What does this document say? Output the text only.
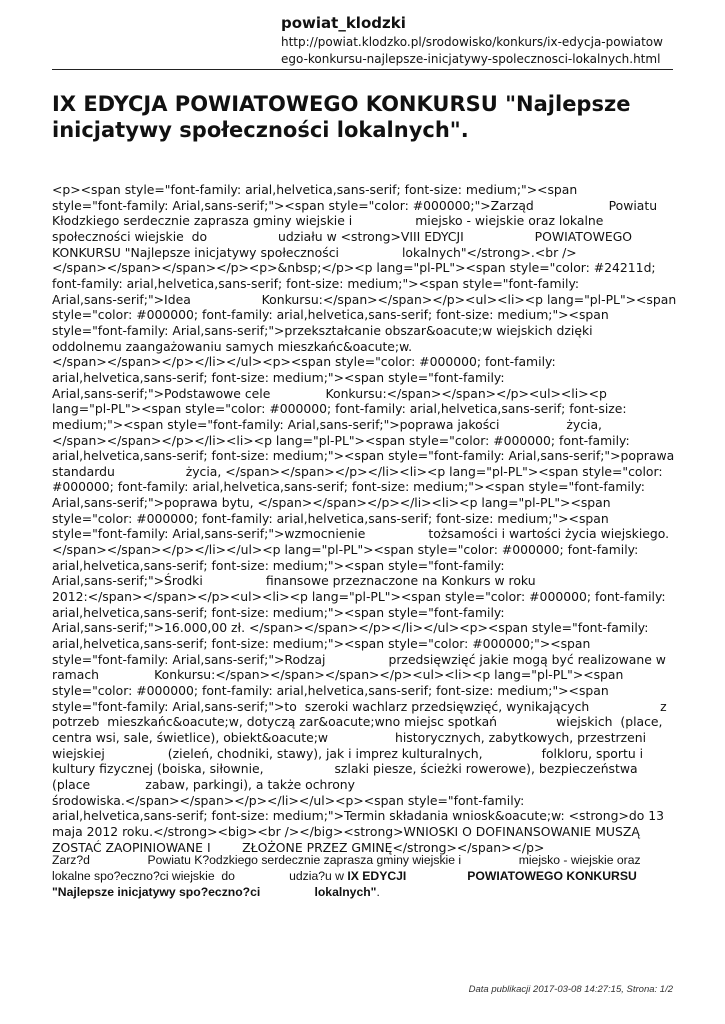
powiat_klodzki
http://powiat.klodzko.pl/srodowisko/konkurs/ix-edycja-powiatow
ego-konkursu-najlepsze-inicjatywy-spolecznosci-lokalnych.html
IX EDYCJA POWIATOWEGO KONKURSU "Najlepsze
inicjatywy społeczności lokalnych".
<p><span style="font-family: arial,helvetica,sans-serif; font-size: medium;"><span
style="font-family: Arial,sans-serif;"><span style="color: #000000;">Zarząd                   Powiatu
Kłodzkiego serdecznie zaprasza gminy wiejskie i                miejsko - wiejskie oraz lokalne
społeczności wiejskie  do                  udziału w <strong>VIII EDYCJI                  POWIATOWEGO
KONKURSU "Najlepsze inicjatywy społeczności                lokalnych"</strong>.<br />
</span></span></span></p><p>&nbsp;</p><p lang="pl-PL"><span style="color: #24211d;
font-family: arial,helvetica,sans-serif; font-size: medium;"><span style="font-family:
Arial,sans-serif;">Idea                  Konkursu:</span></span></p><ul><li><p lang="pl-PL"><span
style="color: #000000; font-family: arial,helvetica,sans-serif; font-size: medium;"><span
style="font-family: Arial,sans-serif;">przekształcanie obszar&oacute;w wiejskich dzięki
oddolnemu zaangażowaniu samych mieszkańc&oacute;w.
</span></span></p></li></ul><p><span style="color: #000000; font-family:
arial,helvetica,sans-serif; font-size: medium;"><span style="font-family:
Arial,sans-serif;">Podstawowe cele              Konkursu:</span></span></p><ul><li><p
lang="pl-PL"><span style="color: #000000; font-family: arial,helvetica,sans-serif; font-size:
medium;"><span style="font-family: Arial,sans-serif;">poprawa jakości                 życia,
</span></span></p></li><li><p lang="pl-PL"><span style="color: #000000; font-family:
arial,helvetica,sans-serif; font-size: medium;"><span style="font-family: Arial,sans-serif;">poprawa
standardu                  życia, </span></span></p></li><li><p lang="pl-PL"><span style="color:
#000000; font-family: arial,helvetica,sans-serif; font-size: medium;"><span style="font-family:
Arial,sans-serif;">poprawa bytu, </span></span></p></li><li><p lang="pl-PL"><span
style="color: #000000; font-family: arial,helvetica,sans-serif; font-size: medium;"><span
style="font-family: Arial,sans-serif;">wzmocnienie                tożsamości i wartości życia wiejskiego.
</span></span></p></li></ul><p lang="pl-PL"><span style="color: #000000; font-family:
arial,helvetica,sans-serif; font-size: medium;"><span style="font-family:
Arial,sans-serif;">Środki                finansowe przeznaczone na Konkurs w roku
2012:</span></span></p><ul><li><p lang="pl-PL"><span style="color: #000000; font-family:
arial,helvetica,sans-serif; font-size: medium;"><span style="font-family:
Arial,sans-serif;">16.000,00 zł. </span></span></p></li></ul><p><span style="font-family:
arial,helvetica,sans-serif; font-size: medium;"><span style="color: #000000;"><span
style="font-family: Arial,sans-serif;">Rodzaj                przedsięwzięć jakie mogą być realizowane w
ramach              Konkursu:</span></span></span></p><ul><li><p lang="pl-PL"><span
style="color: #000000; font-family: arial,helvetica,sans-serif; font-size: medium;"><span
style="font-family: Arial,sans-serif;">to  szeroki wachlarz przedsięwzięć, wynikających                  z
potrzeb  mieszkańc&oacute;w, dotyczą zar&oacute;wno miejsc spotkań               wiejskich  (place,
centra wsi, sale, świetlice), obiekt&oacute;w                 historycznych, zabytkowych, przestrzeni
wiejskiej                (zieleń, chodniki, stawy), jak i imprez kulturalnych,               folkloru, sportu i
kultury fizycznej (boiska, siłownie,                  szlaki piesze, ścieżki rowerowe), bezpieczeństwa
(place              zabaw, parkingi), a także ochrony
środowiska.</span></span></p></li></ul><p><span style="font-family:
arial,helvetica,sans-serif; font-size: medium;">Termin składania wniosk&oacute;w: <strong>do 13
maja 2012 roku.</strong><big><br /></big><strong>WNIOSKI O DOFINANSOWANIE MUSZĄ
ZOSTAĆ ZAOPINIOWANE I        ZŁOŻONE PRZEZ GMINĘ</strong></span></p>
Zarz?d                 Powiatu K?odzkiego serdecznie zaprasza gminy wiejskie i                 miejsko - wiejskie oraz
lokalne spo?eczno?ci wiejskie  do                udzia?u w IX EDYCJI                  POWIATOWEGO KONKURSU
"Najlepsze inicjatywy spo?eczno?ci                lokalnych".
Data publikacji 2017-03-08 14:27:15, Strona: 1/2
